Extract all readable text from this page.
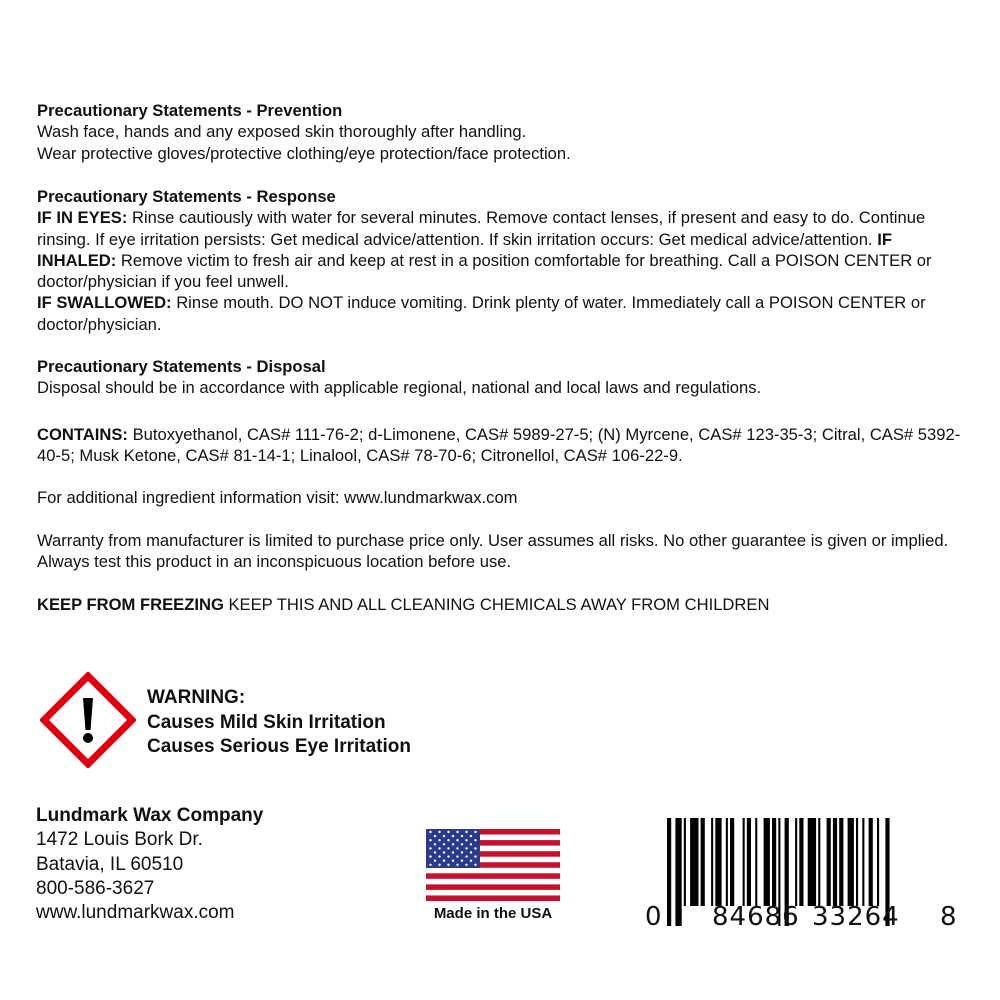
Precautionary Statements - Prevention

Wash face, hands and any exposed skin thoroughly after handling.

Wear protective gloves/protective clothing/eye protection/face protection.

Precautionary Statements - Response

IF IN EYES: Rinse cautiously with water for several minutes. Remove contact lenses, if present and easy to do. Continue rinsing. If eye irritation persists: Get medical advice/attention. If skin irritation occurs: Get medical advice/attention. IF INHALED: Remove victim to fresh air and keep at rest in a position comfortable for breathing. Call a POISON CENTER or doctor/physician if you feel unwell.

IF SWALLOWED: Rinse mouth. DO NOT induce vomiting. Drink plenty of water. Immediately call a POISON CENTER or doctor/physician.

Precautionary Statements - Disposal

Disposal should be in accordance with applicable regional, national and local laws and regulations.

CONTAINS: Butoxyethanol, CAS# 111-76-2; d-Limonene, CAS# 5989-27-5; (N) Myrcene, CAS# 123-35-3; Citral, CAS# 5392-40-5; Musk Ketone, CAS# 81-14-1; Linalool, CAS# 78-70-6; Citronellol, CAS# 106-22-9.

For additional ingredient information visit: www.lundmarkwax.com
Warranty from manufacturer is limited to purchase price only. User assumes all risks. No other guarantee is given or implied. Always test this product in an inconspicuous location before use.
KEEP FROM FREEZING KEEP THIS AND ALL CLEANING CHEMICALS AWAY FROM CHILDREN
WARNING:
Causes Mild Skin Irritation
Causes Serious Eye Irritation
Lundmark Wax Company
1472 Louis Bork Dr.
Batavia, IL 60510
800-586-3627
www.lundmarkwax.com	Made in the USA	0 84686 33264 8
